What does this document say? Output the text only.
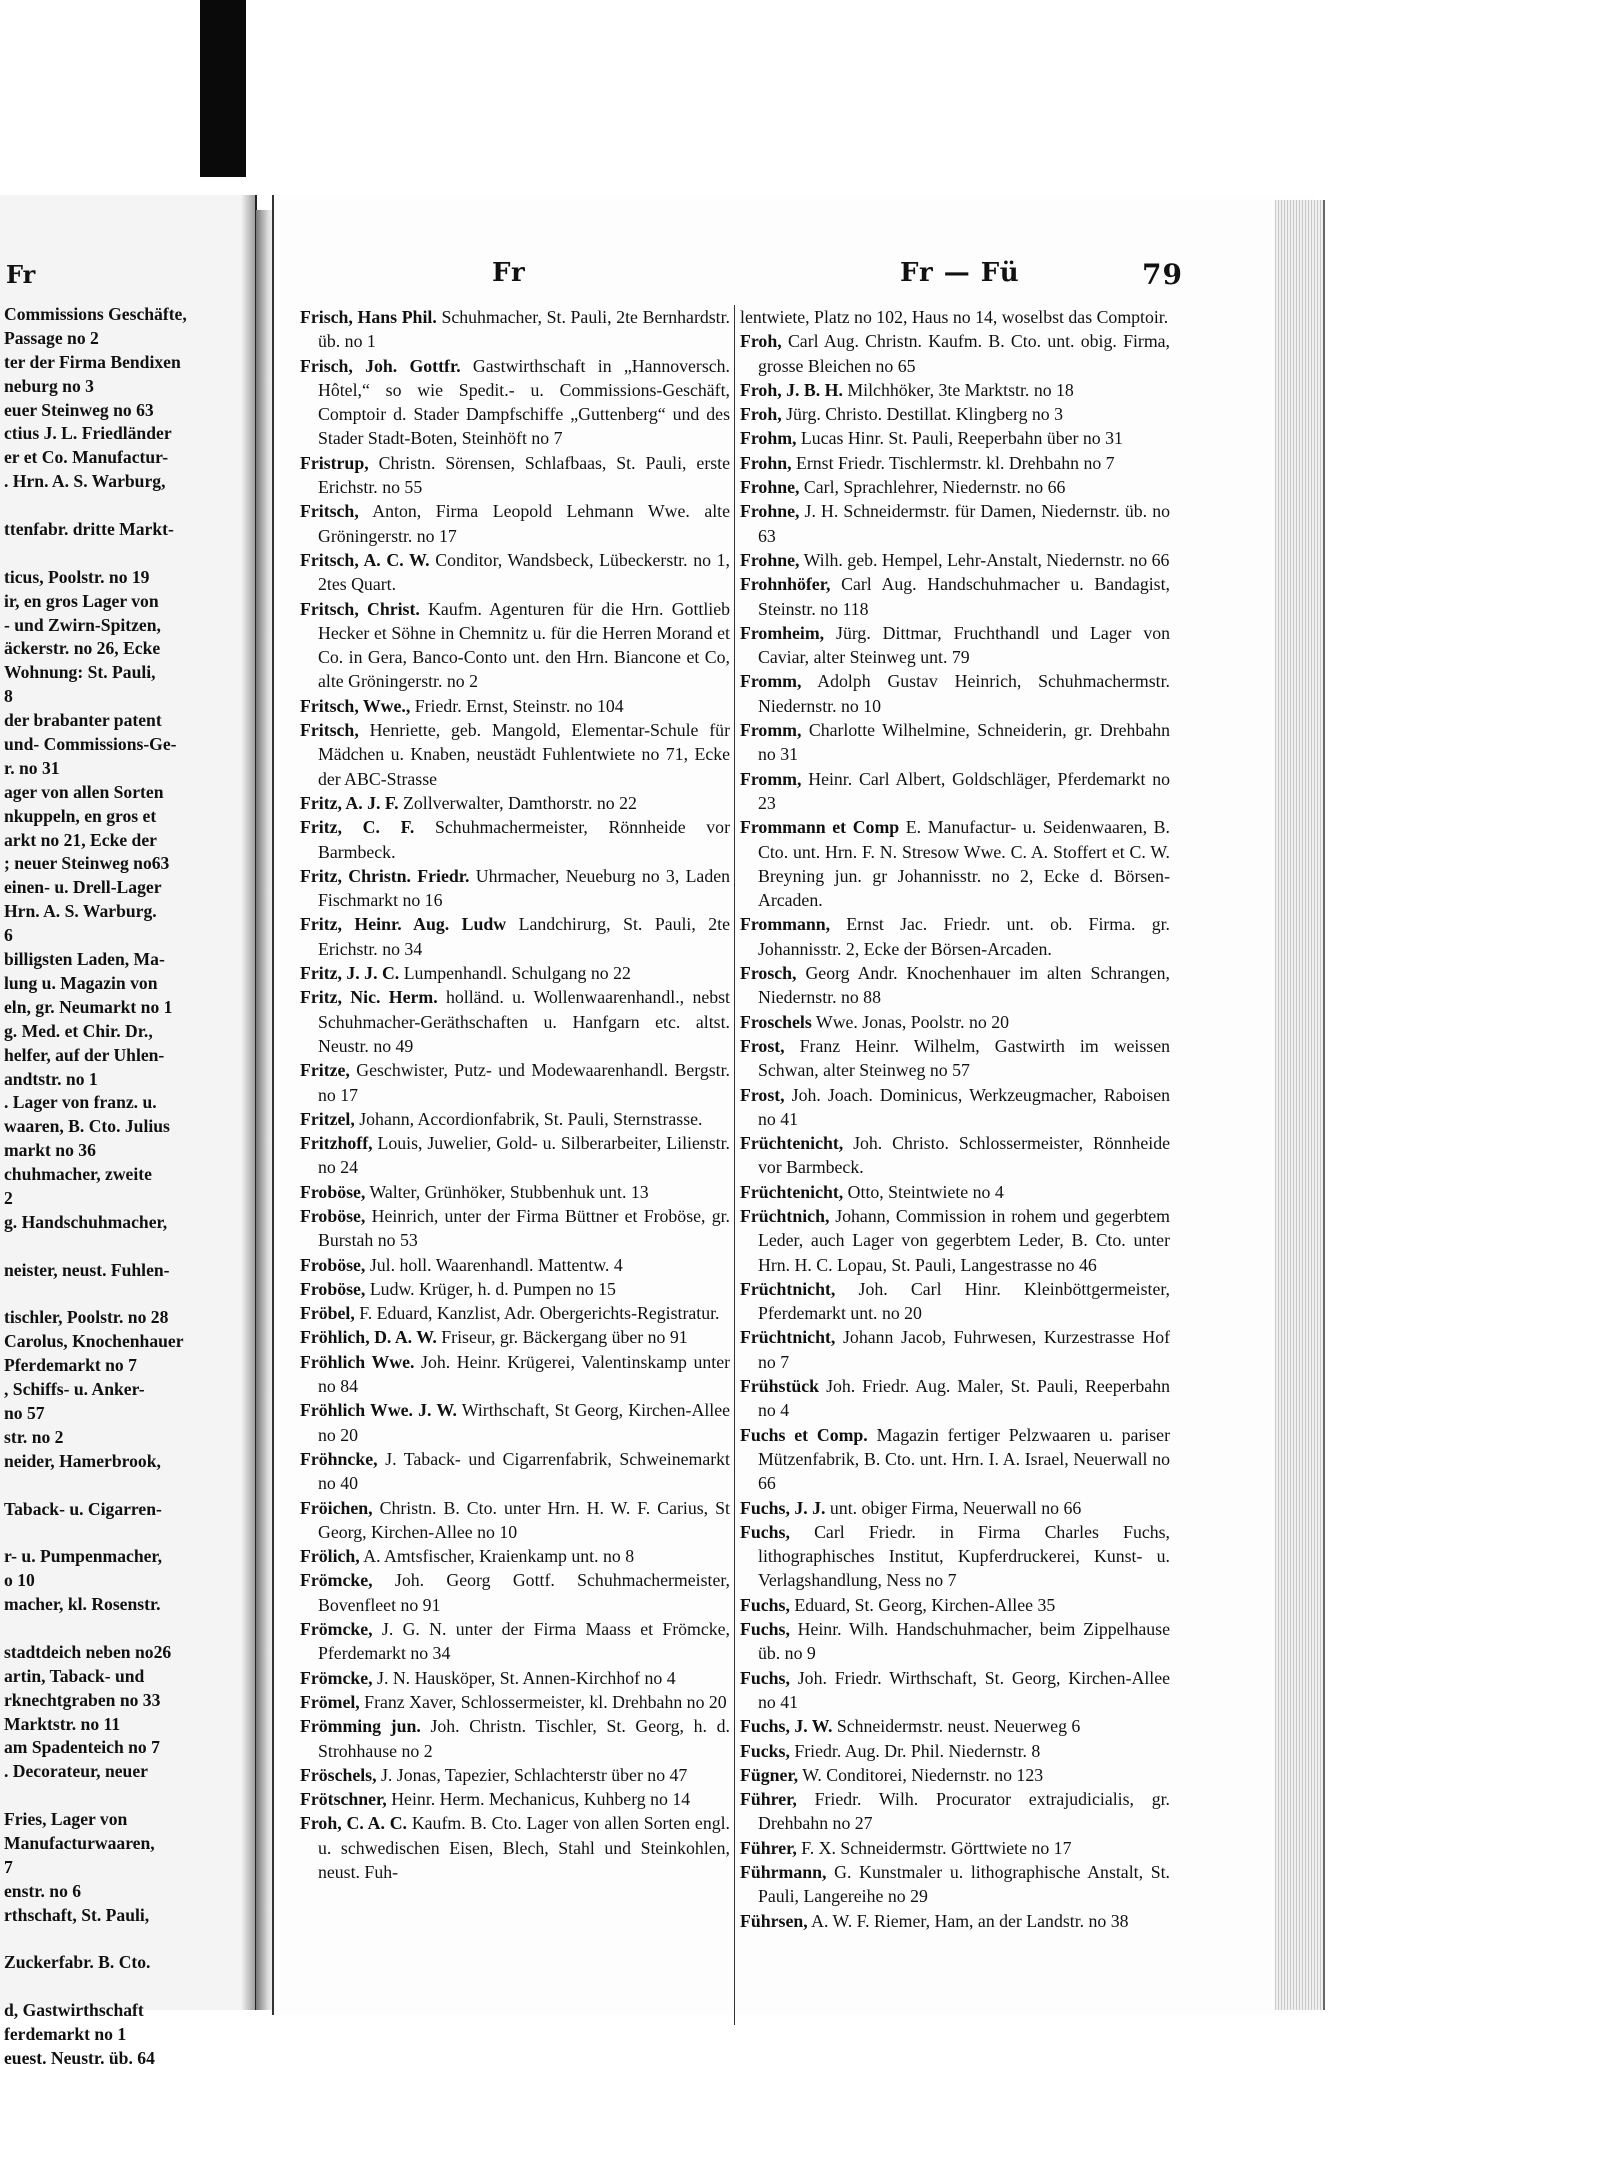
Fr
Commissions Geschäfte,
Passage no 2
ter der Firma Bendixen
neburg no 3
euer Steinweg no 63
ctius J. L. Friedländer
er et Co. Manufactur-
. Hrn. A. S. Warburg,
ttenfabr. dritte Markt-
ticus, Poolstr. no 19
ir, en gros Lager von
- und Zwirn-Spitzen,
äckerstr. no 26, Ecke
Wohnung: St. Pauli,
8
der brabanter patent
und- Commissions-Ge-
r. no 31
ager von allen Sorten
nkuppeln, en gros et
arkt no 21, Ecke der
; neuer Steinweg no63
einen- u. Drell-Lager
Hrn. A. S. Warburg.
6
billigsten Laden, Ma-
lung u. Magazin von
eln, gr. Neumarkt no 1
g. Med. et Chir. Dr.,
helfer, auf der Uhlen-
andtstr. no 1
. Lager von franz. u.
waaren, B. Cto. Julius
markt no 36
chuhmacher, zweite
2
g. Handschuhmacher,
neister, neust. Fuhlen-
tischler, Poolstr. no 28
Carolus, Knochenhauer
Pferdemarkt no 7
, Schiffs- u. Anker-
no 57
str. no 2
neider, Hamerbrook,
Taback- u. Cigarren-
r- u. Pumpenmacher,
o 10
macher, kl. Rosenstr.
stadtdeich neben no26
artin, Taback- und
rknechtgraben no 33
Marktstr. no 11
am Spadenteich no 7
. Decorateur, neuer
Fries, Lager von
Manufacturwaaren,
7
enstr. no 6
rthschaft, St. Pauli,
Zuckerfabr. B. Cto.
d, Gastwirthschaft
ferdemarkt no 1
euest. Neustr. üb. 64
Fr	Fr — Fü	79

Frisch, Hans Phil. Schuhmacher, St. Pauli, 2te Bernhardstr. üb. no 1

Frisch, Joh. Gottfr. Gastwirthschaft in „Hannoversch. Hôtel,“ so wie Spedit.- u. Commissions-Geschäft, Comptoir d. Stader Dampfschiffe „Guttenberg“ und des Stader Stadt-Boten, Steinhöft no 7

Fristrup, Christn. Sörensen, Schlafbaas, St. Pauli, erste Erichstr. no 55

Fritsch, Anton, Firma Leopold Lehmann Wwe. alte Gröningerstr. no 17

Fritsch, A. C. W. Conditor, Wandsbeck, Lübeckerstr. no 1, 2tes Quart.

Fritsch, Christ. Kaufm. Agenturen für die Hrn. Gottlieb Hecker et Söhne in Chemnitz u. für die Herren Morand et Co. in Gera, Banco-Conto unt. den Hrn. Biancone et Co, alte Gröningerstr. no 2

Fritsch, Wwe., Friedr. Ernst, Steinstr. no 104

Fritsch, Henriette, geb. Mangold, Elementar-Schule für Mädchen u. Knaben, neustädt Fuhlentwiete no 71, Ecke der ABC-Strasse

Fritz, A. J. F. Zollverwalter, Damthorstr. no 22

Fritz, C. F. Schuhmachermeister, Rönnheide vor Barmbeck.

Fritz, Christn. Friedr. Uhrmacher, Neueburg no 3, Laden Fischmarkt no 16

Fritz, Heinr. Aug. Ludw Landchirurg, St. Pauli, 2te Erichstr. no 34

Fritz, J. J. C. Lumpenhandl. Schulgang no 22

Fritz, Nic. Herm. holländ. u. Wollenwaarenhandl., nebst Schuhmacher-Geräthschaften u. Hanfgarn etc. altst. Neustr. no 49

Fritze, Geschwister, Putz- und Modewaarenhandl. Bergstr. no 17

Fritzel, Johann, Accordionfabrik, St. Pauli, Sternstrasse.

Fritzhoff, Louis, Juwelier, Gold- u. Silberarbeiter, Lilienstr. no 24

Froböse, Walter, Grünhöker, Stubbenhuk unt. 13

Froböse, Heinrich, unter der Firma Büttner et Froböse, gr. Burstah no 53

Froböse, Jul. holl. Waarenhandl. Mattentw. 4

Froböse, Ludw. Krüger, h. d. Pumpen no 15

Fröbel, F. Eduard, Kanzlist, Adr. Obergerichts-Registratur.

Fröhlich, D. A. W. Friseur, gr. Bäckergang über no 91

Fröhlich Wwe. Joh. Heinr. Krügerei, Valentinskamp unter no 84

Fröhlich Wwe. J. W. Wirthschaft, St Georg, Kirchen-Allee no 20

Fröhncke, J. Taback- und Cigarrenfabrik, Schweinemarkt no 40

Fröichen, Christn. B. Cto. unter Hrn. H. W. F. Carius, St Georg, Kirchen-Allee no 10

Frölich, A. Amtsfischer, Kraienkamp unt. no 8

Frömcke, Joh. Georg Gottf. Schuhmachermeister, Bovenfleet no 91

Frömcke, J. G. N. unter der Firma Maass et Frömcke, Pferdemarkt no 34

Frömcke, J. N. Hausköper, St. Annen-Kirchhof no 4

Frömel, Franz Xaver, Schlossermeister, kl. Drehbahn no 20

Frömming jun. Joh. Christn. Tischler, St. Georg, h. d. Strohhause no 2

Fröschels, J. Jonas, Tapezier, Schlachterstr über no 47

Frötschner, Heinr. Herm. Mechanicus, Kuhberg no 14

Froh, C. A. C. Kaufm. B. Cto. Lager von allen Sorten engl. u. schwedischen Eisen, Blech, Stahl und Steinkohlen, neust. Fuh-

lentwiete, Platz no 102, Haus no 14, woselbst das Comptoir.

Froh, Carl Aug. Christn. Kaufm. B. Cto. unt. obig. Firma, grosse Bleichen no 65

Froh, J. B. H. Milchhöker, 3te Marktstr. no 18

Froh, Jürg. Christo. Destillat. Klingberg no 3

Frohm, Lucas Hinr. St. Pauli, Reeperbahn über no 31

Frohn, Ernst Friedr. Tischlermstr. kl. Drehbahn no 7

Frohne, Carl, Sprachlehrer, Niedernstr. no 66

Frohne, J. H. Schneidermstr. für Damen, Niedernstr. üb. no 63

Frohne, Wilh. geb. Hempel, Lehr-Anstalt, Niedernstr. no 66

Frohnhöfer, Carl Aug. Handschuhmacher u. Bandagist, Steinstr. no 118

Fromheim, Jürg. Dittmar, Fruchthandl und Lager von Caviar, alter Steinweg unt. 79

Fromm, Adolph Gustav Heinrich, Schuhmachermstr. Niedernstr. no 10

Fromm, Charlotte Wilhelmine, Schneiderin, gr. Drehbahn no 31

Fromm, Heinr. Carl Albert, Goldschläger, Pferdemarkt no 23

Frommann et Comp E. Manufactur- u. Seidenwaaren, B. Cto. unt. Hrn. F. N. Stresow Wwe. C. A. Stoffert et C. W. Breyning jun. gr Johannisstr. no 2, Ecke d. Börsen-Arcaden.

Frommann, Ernst Jac. Friedr. unt. ob. Firma. gr. Johannisstr. 2, Ecke der Börsen-Arcaden.

Frosch, Georg Andr. Knochenhauer im alten Schrangen, Niedernstr. no 88

Froschels Wwe. Jonas, Poolstr. no 20

Frost, Franz Heinr. Wilhelm, Gastwirth im weissen Schwan, alter Steinweg no 57

Frost, Joh. Joach. Dominicus, Werkzeugmacher, Raboisen no 41

Früchtenicht, Joh. Christo. Schlossermeister, Rönnheide vor Barmbeck.

Früchtenicht, Otto, Steintwiete no 4

Früchtnich, Johann, Commission in rohem und gegerbtem Leder, auch Lager von gegerbtem Leder, B. Cto. unter Hrn. H. C. Lopau, St. Pauli, Langestrasse no 46

Früchtnicht, Joh. Carl Hinr. Kleinböttgermeister, Pferdemarkt unt. no 20

Früchtnicht, Johann Jacob, Fuhrwesen, Kurzestrasse Hof no 7

Frühstück Joh. Friedr. Aug. Maler, St. Pauli, Reeperbahn no 4

Fuchs et Comp. Magazin fertiger Pelzwaaren u. pariser Mützenfabrik, B. Cto. unt. Hrn. I. A. Israel, Neuerwall no 66

Fuchs, J. J. unt. obiger Firma, Neuerwall no 66

Fuchs, Carl Friedr. in Firma Charles Fuchs, lithographisches Institut, Kupferdruckerei, Kunst- u. Verlagshandlung, Ness no 7

Fuchs, Eduard, St. Georg, Kirchen-Allee 35

Fuchs, Heinr. Wilh. Handschuhmacher, beim Zippelhause üb. no 9

Fuchs, Joh. Friedr. Wirthschaft, St. Georg, Kirchen-Allee no 41

Fuchs, J. W. Schneidermstr. neust. Neuerweg 6

Fucks, Friedr. Aug. Dr. Phil. Niedernstr. 8

Fügner, W. Conditorei, Niedernstr. no 123

Führer, Friedr. Wilh. Procurator extrajudicialis, gr. Drehbahn no 27

Führer, F. X. Schneidermstr. Görttwiete no 17

Führmann, G. Kunstmaler u. lithographische Anstalt, St. Pauli, Langereihe no 29

Führsen, A. W. F. Riemer, Ham, an der Landstr. no 38
